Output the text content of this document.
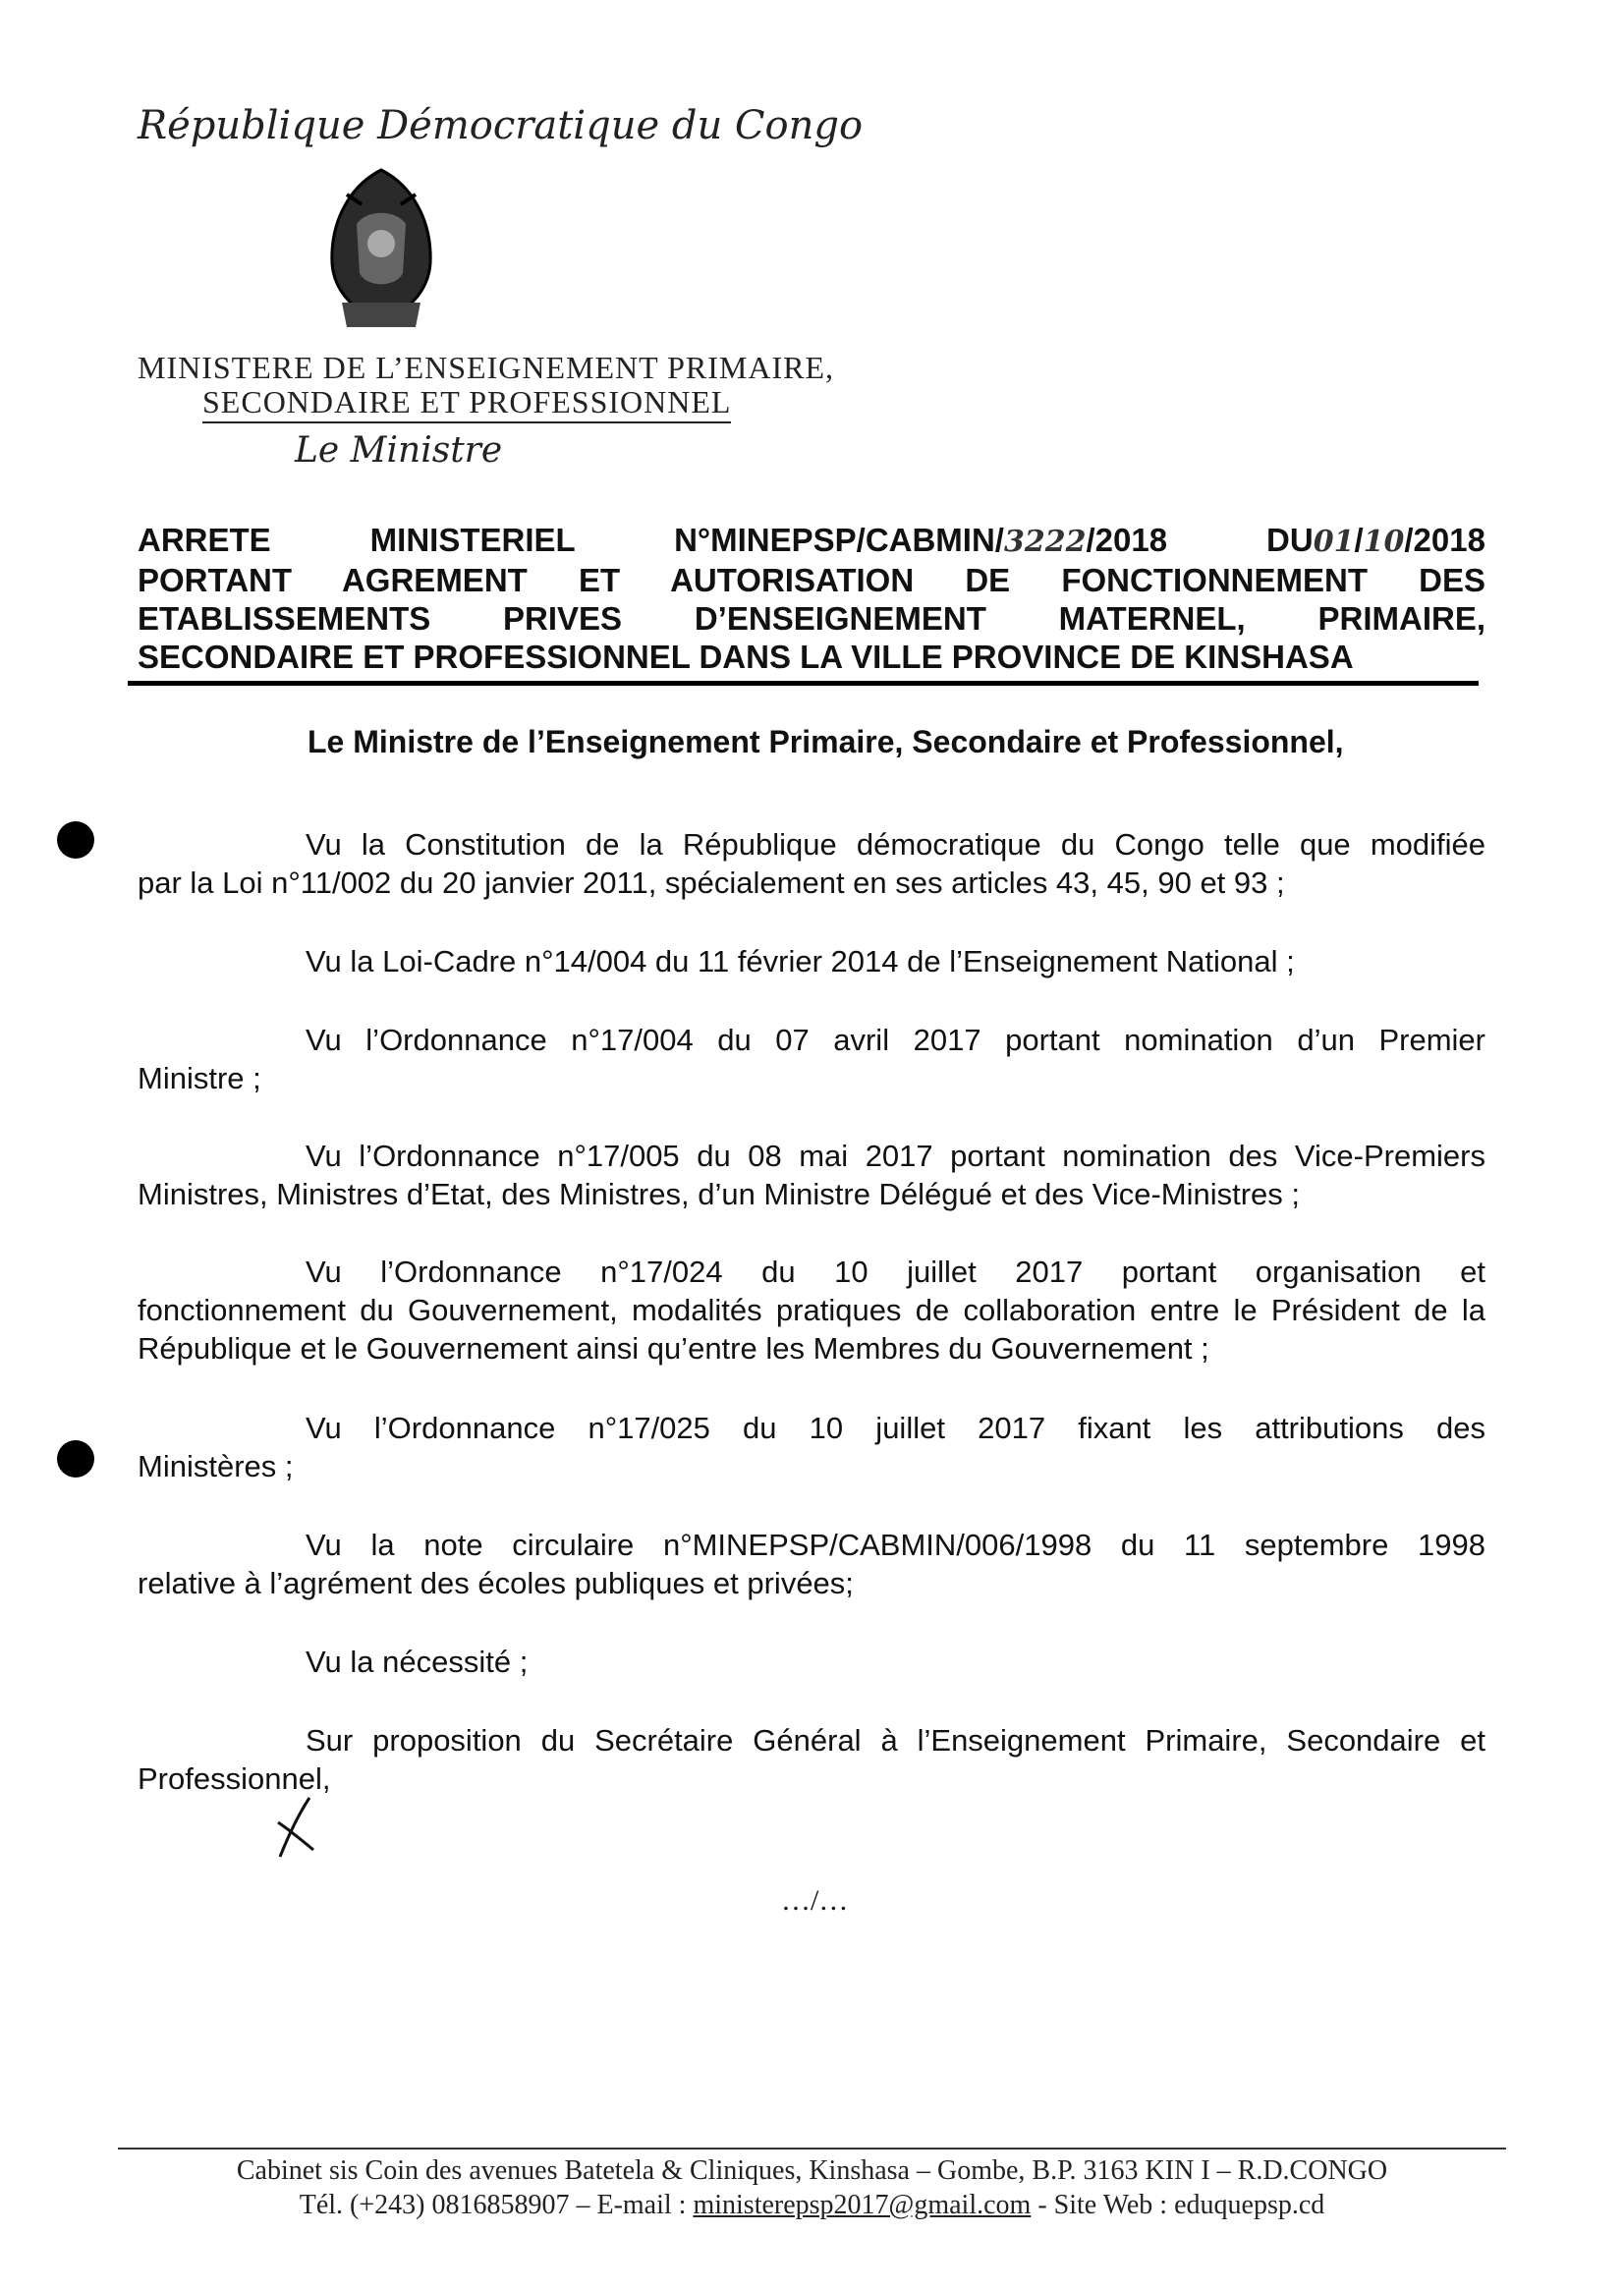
République Démocratique du Congo
MINISTERE DE L’ENSEIGNEMENT PRIMAIRE,
SECONDAIRE ET PROFESSIONNEL
Le Ministre
ARRETE MINISTERIEL N°MINEPSP/CABMIN/3222/2018 DU01/10/2018
PORTANT AGREMENT ET AUTORISATION DE FONCTIONNEMENT DES
ETABLISSEMENTS PRIVES D’ENSEIGNEMENT MATERNEL, PRIMAIRE,
SECONDAIRE ET PROFESSIONNEL DANS LA VILLE PROVINCE DE KINSHASA
Le Ministre de l’Enseignement Primaire, Secondaire et Professionnel,
Vu la Constitution de la République démocratique du Congo telle que modifiée
par la Loi n°11/002 du 20 janvier 2011, spécialement en ses articles 43, 45, 90 et 93 ;
Vu la Loi-Cadre n°14/004 du 11 février 2014 de l’Enseignement National ;
Vu l’Ordonnance n°17/004 du 07 avril 2017 portant nomination d’un Premier
Ministre ;
Vu l’Ordonnance n°17/005 du 08 mai 2017 portant nomination des Vice-Premiers
Ministres, Ministres d’Etat, des Ministres, d’un Ministre Délégué et des Vice-Ministres ;
Vu l’Ordonnance n°17/024 du 10 juillet 2017 portant organisation et
fonctionnement du Gouvernement, modalités pratiques de collaboration entre le Président de la République et le Gouvernement ainsi qu’entre les Membres du Gouvernement ;
Vu l’Ordonnance n°17/025 du 10 juillet 2017 fixant les attributions des
Ministères ;
Vu la note circulaire n°MINEPSP/CABMIN/006/1998 du 11 septembre 1998
relative à l’agrément des écoles publiques et privées;
Vu la nécessité ;
Sur proposition du Secrétaire Général à l’Enseignement Primaire, Secondaire et
Professionnel,
…/…
Cabinet sis Coin des avenues Batetela & Cliniques, Kinshasa – Gombe, B.P. 3163 KIN I – R.D.CONGO
Tél. (+243) 0816858907 – E-mail : ministerepsp2017@gmail.com - Site Web : eduquepsp.cd
